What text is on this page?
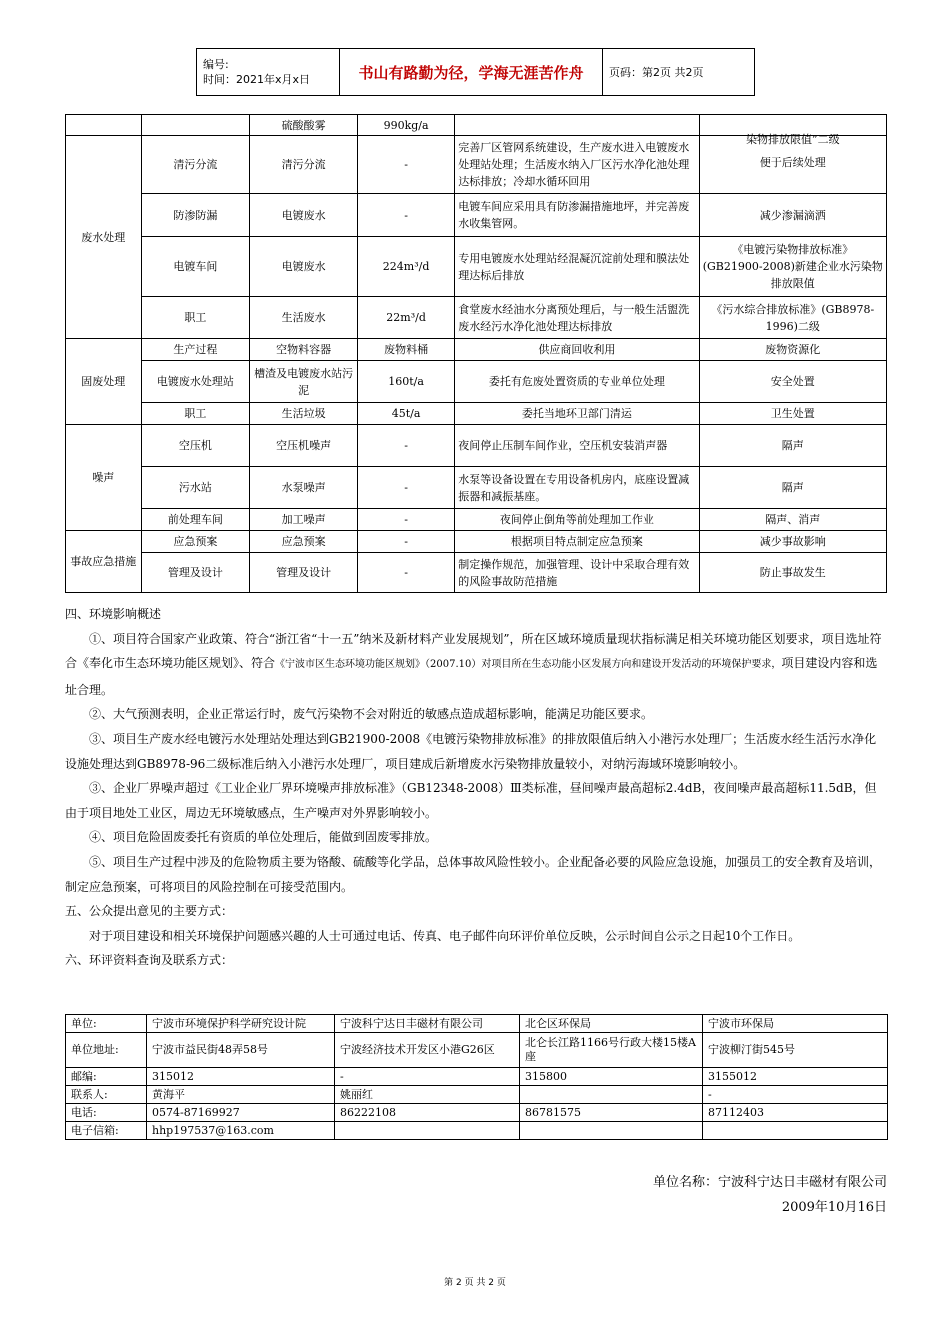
编号:
时间：2021年x月x日	书山有路勤为径，学海无涯苦作舟	页码：第2页 共2页
		硫酸酸雾	990kg/a		
废水处理	清污分流	清污分流	-	完善厂区管网系统建设，生产废水进入电镀废水处理站处理；生活废水纳入厂区污水净化池处理达标排放；冷却水循环回用	染物排放限值”二级
便于后续处理

	防渗防漏	电镀废水	-	电镀车间应采用具有防渗漏措施地坪，并完善废水收集管网。	减少渗漏滴洒
	电镀车间	电镀废水	224m³/d	专用电镀废水处理站经混凝沉淀前处理和膜法处理达标后排放	《电镀污染物排放标准》(GB21900-2008)新建企业水污染物排放限值
	职工	生活废水	22m³/d	食堂废水经油水分离预处理后，与一般生活盥洗废水经污水净化池处理达标排放	《污水综合排放标准》(GB8978-1996)二级
固废处理	生产过程	空物料容器	废物料桶	供应商回收利用	废物资源化
	电镀废水处理站	槽渣及电镀废水站污泥	160t/a	委托有危废处置资质的专业单位处理	安全处置
	职工	生活垃圾	45t/a	委托当地环卫部门清运	卫生处置
噪声	空压机	空压机噪声	-	夜间停止压制车间作业，空压机安装消声器	隔声
	污水站	水泵噪声	-	水泵等设备设置在专用设备机房内，底座设置减振器和减振基座。	隔声
	前处理车间	加工噪声	-	夜间停止倒角等前处理加工作业	隔声、消声
事故应急措施	应急预案	应急预案	-	根据项目特点制定应急预案	减少事故影响
	管理及设计	管理及设计	-	制定操作规范，加强管理、设计中采取合理有效的风险事故防范措施	防止事故发生

四、环境影响概述

①、项目符合国家产业政策、符合“浙江省“十一五”纳米及新材料产业发展规划”，所在区域环境质量现状指标满足相关环境功能区划要求，项目选址符合《奉化市生态环境功能区规划》、符合《宁波市区生态环境功能区规划》（2007.10）对项目所在生态功能小区发展方向和建设开发活动的环境保护要求，项目建设内容和选址合理。

②、大气预测表明，企业正常运行时，废气污染物不会对附近的敏感点造成超标影响，能满足功能区要求。

③、项目生产废水经电镀污水处理站处理达到GB21900-2008《电镀污染物排放标准》的排放限值后纳入小港污水处理厂；生活废水经生活污水净化设施处理达到GB8978-96二级标准后纳入小港污水处理厂，项目建成后新增废水污染物排放量较小，对纳污海域环境影响较小。

③、企业厂界噪声超过《工业企业厂界环境噪声排放标准》（GB12348-2008）Ⅲ类标准，昼间噪声最高超标2.4dB，夜间噪声最高超标11.5dB，但由于项目地处工业区，周边无环境敏感点，生产噪声对外界影响较小。

④、项目危险固废委托有资质的单位处理后，能做到固废零排放。

⑤、项目生产过程中涉及的危险物质主要为铬酸、硫酸等化学品，总体事故风险性较小。企业配备必要的风险应急设施，加强员工的安全教育及培训，制定应急预案，可将项目的风险控制在可接受范围内。

五、公众提出意见的主要方式：

对于项目建设和相关环境保护问题感兴趣的人士可通过电话、传真、电子邮件向环评价单位反映，公示时间自公示之日起10个工作日。

六、环评资料查询及联系方式：

单位:	宁波市环境保护科学研究设计院	宁波科宁达日丰磁材有限公司	北仑区环保局	宁波市环保局
单位地址:	宁波市益民街48弄58号	宁波经济技术开发区小港G26区	北仑长江路1166号行政大楼15楼A座	宁波柳汀街545号
邮编:	315012	-	315800	3155012
联系人:	黄海平	姚丽红		-
电话:	0574-87169927	86222108	86781575	87112403
电子信箱:	hhp197537@163.com			
单位名称：宁波科宁达日丰磁材有限公司
2009年10月16日
第 2 页 共 2 页
